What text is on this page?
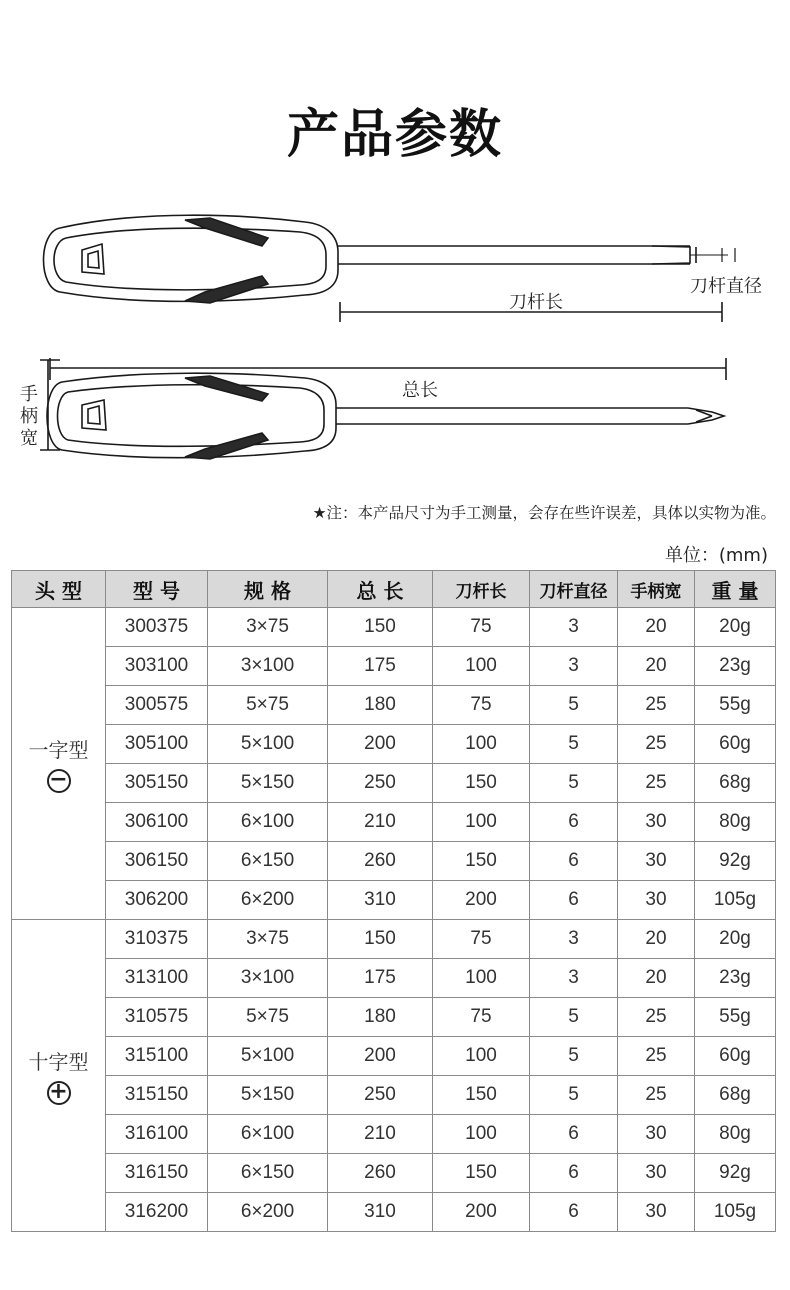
产品参数
刀杆长
刀杆直径
总长
手柄宽
★注：本产品尺寸为手工测量，会存在些许误差，具体以实物为准。
单位：(mm)
头 型	型 号	规 格	总 长	刀杆长	刀杆直径	手柄宽	重 量

一字型
−	300375	3×75	150	75	3	20	20g
	303100	3×100	175	100	3	20	23g
	300575	5×75	180	75	5	25	55g
	305100	5×100	200	100	5	25	60g
	305150	5×150	250	150	5	25	68g
	306100	6×100	210	100	6	30	80g
	306150	6×150	260	150	6	30	92g
	306200	6×200	310	200	6	30	105g

十字型
+	310375	3×75	150	75	3	20	20g
	313100	3×100	175	100	3	20	23g
	310575	5×75	180	75	5	25	55g
	315100	5×100	200	100	5	25	60g
	315150	5×150	250	150	5	25	68g
	316100	6×100	210	100	6	30	80g
	316150	6×150	260	150	6	30	92g
	316200	6×200	310	200	6	30	105g
